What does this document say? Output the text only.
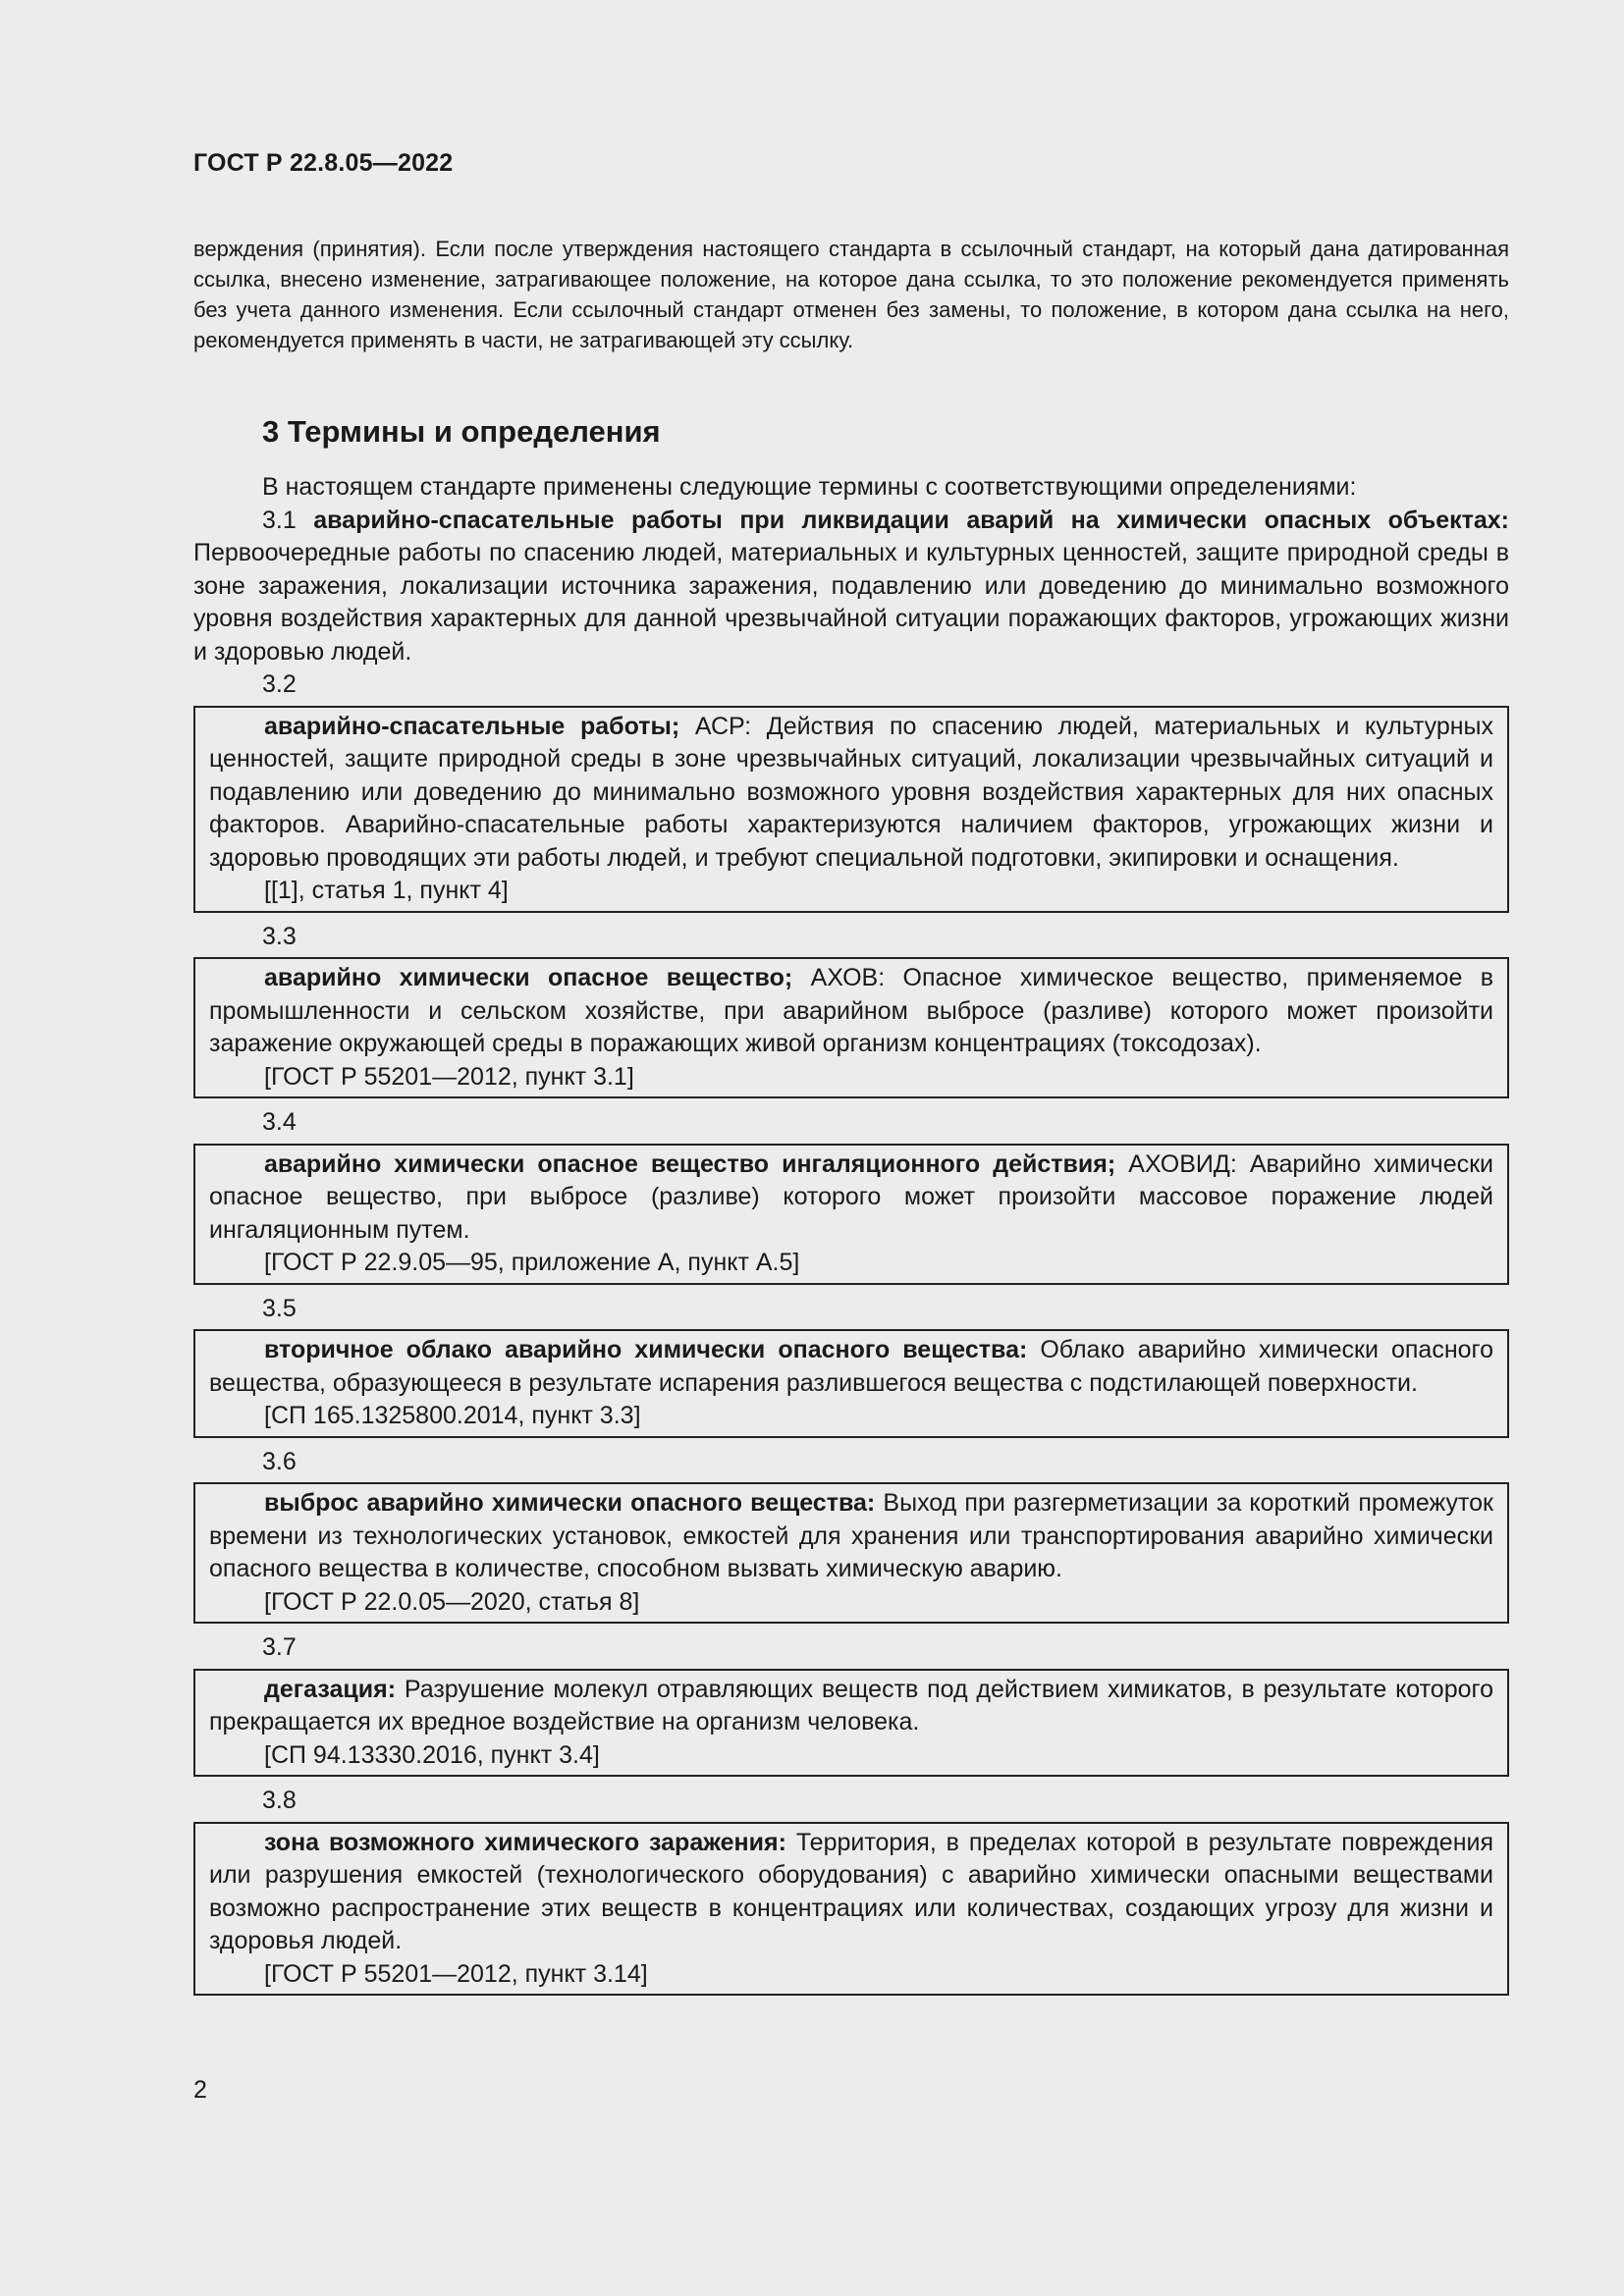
ГОСТ Р 22.8.05—2022

верждения (принятия). Если после утверждения настоящего стандарта в ссылочный стандарт, на который дана датированная ссылка, внесено изменение, затрагивающее положение, на которое дана ссылка, то это положение рекомендуется применять без учета данного изменения. Если ссылочный стандарт отменен без замены, то положение, в котором дана ссылка на него, рекомендуется применять в части, не затрагивающей эту ссылку.

3 Термины и определения

В настоящем стандарте применены следующие термины с соответствующими определениями:

3.1 аварийно-спасательные работы при ликвидации аварий на химически опасных объектах: Первоочередные работы по спасению людей, материальных и культурных ценностей, защите природной среды в зоне заражения, локализации источника заражения, подавлению или доведению до минимально возможного уровня воздействия характерных для данной чрезвычайной ситуации поражающих факторов, угрожающих жизни и здоровью людей.

3.2

аварийно-спасательные работы; АСР: Действия по спасению людей, материальных и культурных ценностей, защите природной среды в зоне чрезвычайных ситуаций, локализации чрезвычайных ситуаций и подавлению или доведению до минимально возможного уровня воздействия характерных для них опасных факторов. Аварийно-спасательные работы характеризуются наличием факторов, угрожающих жизни и здоровью проводящих эти работы людей, и требуют специальной подготовки, экипировки и оснащения.

[[1], статья 1, пункт 4]
3.3

аварийно химически опасное вещество; АХОВ: Опасное химическое вещество, применяемое в промышленности и сельском хозяйстве, при аварийном выбросе (разливе) которого может произойти заражение окружающей среды в поражающих живой организм концентрациях (токсодозах).

[ГОСТ Р 55201—2012, пункт 3.1]
3.4

аварийно химически опасное вещество ингаляционного действия; АХОВИД: Аварийно химически опасное вещество, при выбросе (разливе) которого может произойти массовое поражение людей ингаляционным путем.

[ГОСТ Р 22.9.05—95, приложение А, пункт А.5]
3.5

вторичное облако аварийно химически опасного вещества: Облако аварийно химически опасного вещества, образующееся в результате испарения разлившегося вещества с подстилающей поверхности.

[СП 165.1325800.2014, пункт 3.3]
3.6

выброс аварийно химически опасного вещества: Выход при разгерметизации за короткий промежуток времени из технологических установок, емкостей для хранения или транспортирования аварийно химически опасного вещества в количестве, способном вызвать химическую аварию.

[ГОСТ Р 22.0.05—2020, статья 8]
3.7

дегазация: Разрушение молекул отравляющих веществ под действием химикатов, в результате которого прекращается их вредное воздействие на организм человека.

[СП 94.13330.2016, пункт 3.4]
3.8

зона возможного химического заражения: Территория, в пределах которой в результате повреждения или разрушения емкостей (технологического оборудования) с аварийно химически опасными веществами возможно распространение этих веществ в концентрациях или количествах, создающих угрозу для жизни и здоровья людей.

[ГОСТ Р 55201—2012, пункт 3.14]
2
